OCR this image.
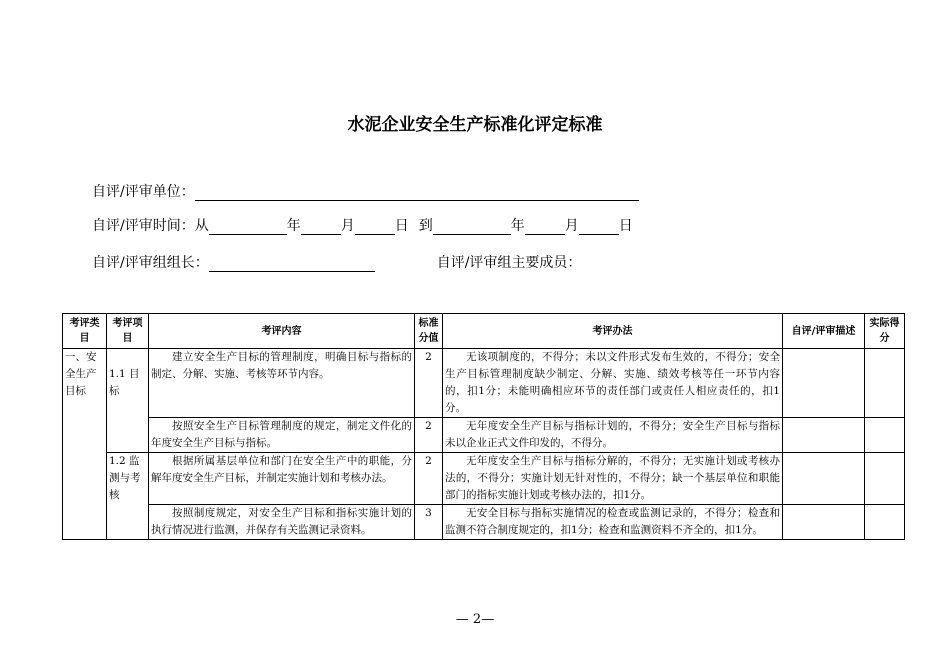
水泥企业安全生产标准化评定标准
自评/评审单位：
自评/评审时间：从	年	月	日 到	年	月	日
自评/评审组组长：	自评/评审组主要成员：
考评类目	考评项目	考评内容	标准分值	考评办法	自评/评审描述	实际得分
一、安全生产目标	1.1 目标	建立安全生产目标的管理制度，明确目标与指标的制定、分解、实施、考核等环节内容。	2	无该项制度的，不得分；未以文件形式发布生效的，不得分；安全生产目标管理制度缺少制定、分解、实施、绩效考核等任一环节内容的，扣1分；未能明确相应环节的责任部门或责任人相应责任的，扣1分。		
		按照安全生产目标管理制度的规定，制定文件化的年度安全生产目标与指标。	2	无年度安全生产目标与指标计划的，不得分；安全生产目标与指标未以企业正式文件印发的，不得分。		
	1.2 监测与考核	根据所属基层单位和部门在安全生产中的职能，分解年度安全生产目标，并制定实施计划和考核办法。	2	无年度安全生产目标与指标分解的，不得分；无实施计划或考核办法的，不得分；实施计划无针对性的，不得分；缺一个基层单位和职能部门的指标实施计划或考核办法的，扣1分。		
		按照制度规定，对安全生产目标和指标实施计划的执行情况进行监测，并保存有关监测记录资料。	3	无安全目标与指标实施情况的检查或监测记录的，不得分；检查和监测不符合制度规定的，扣1分；检查和监测资料不齐全的，扣1分。		
— 2—
